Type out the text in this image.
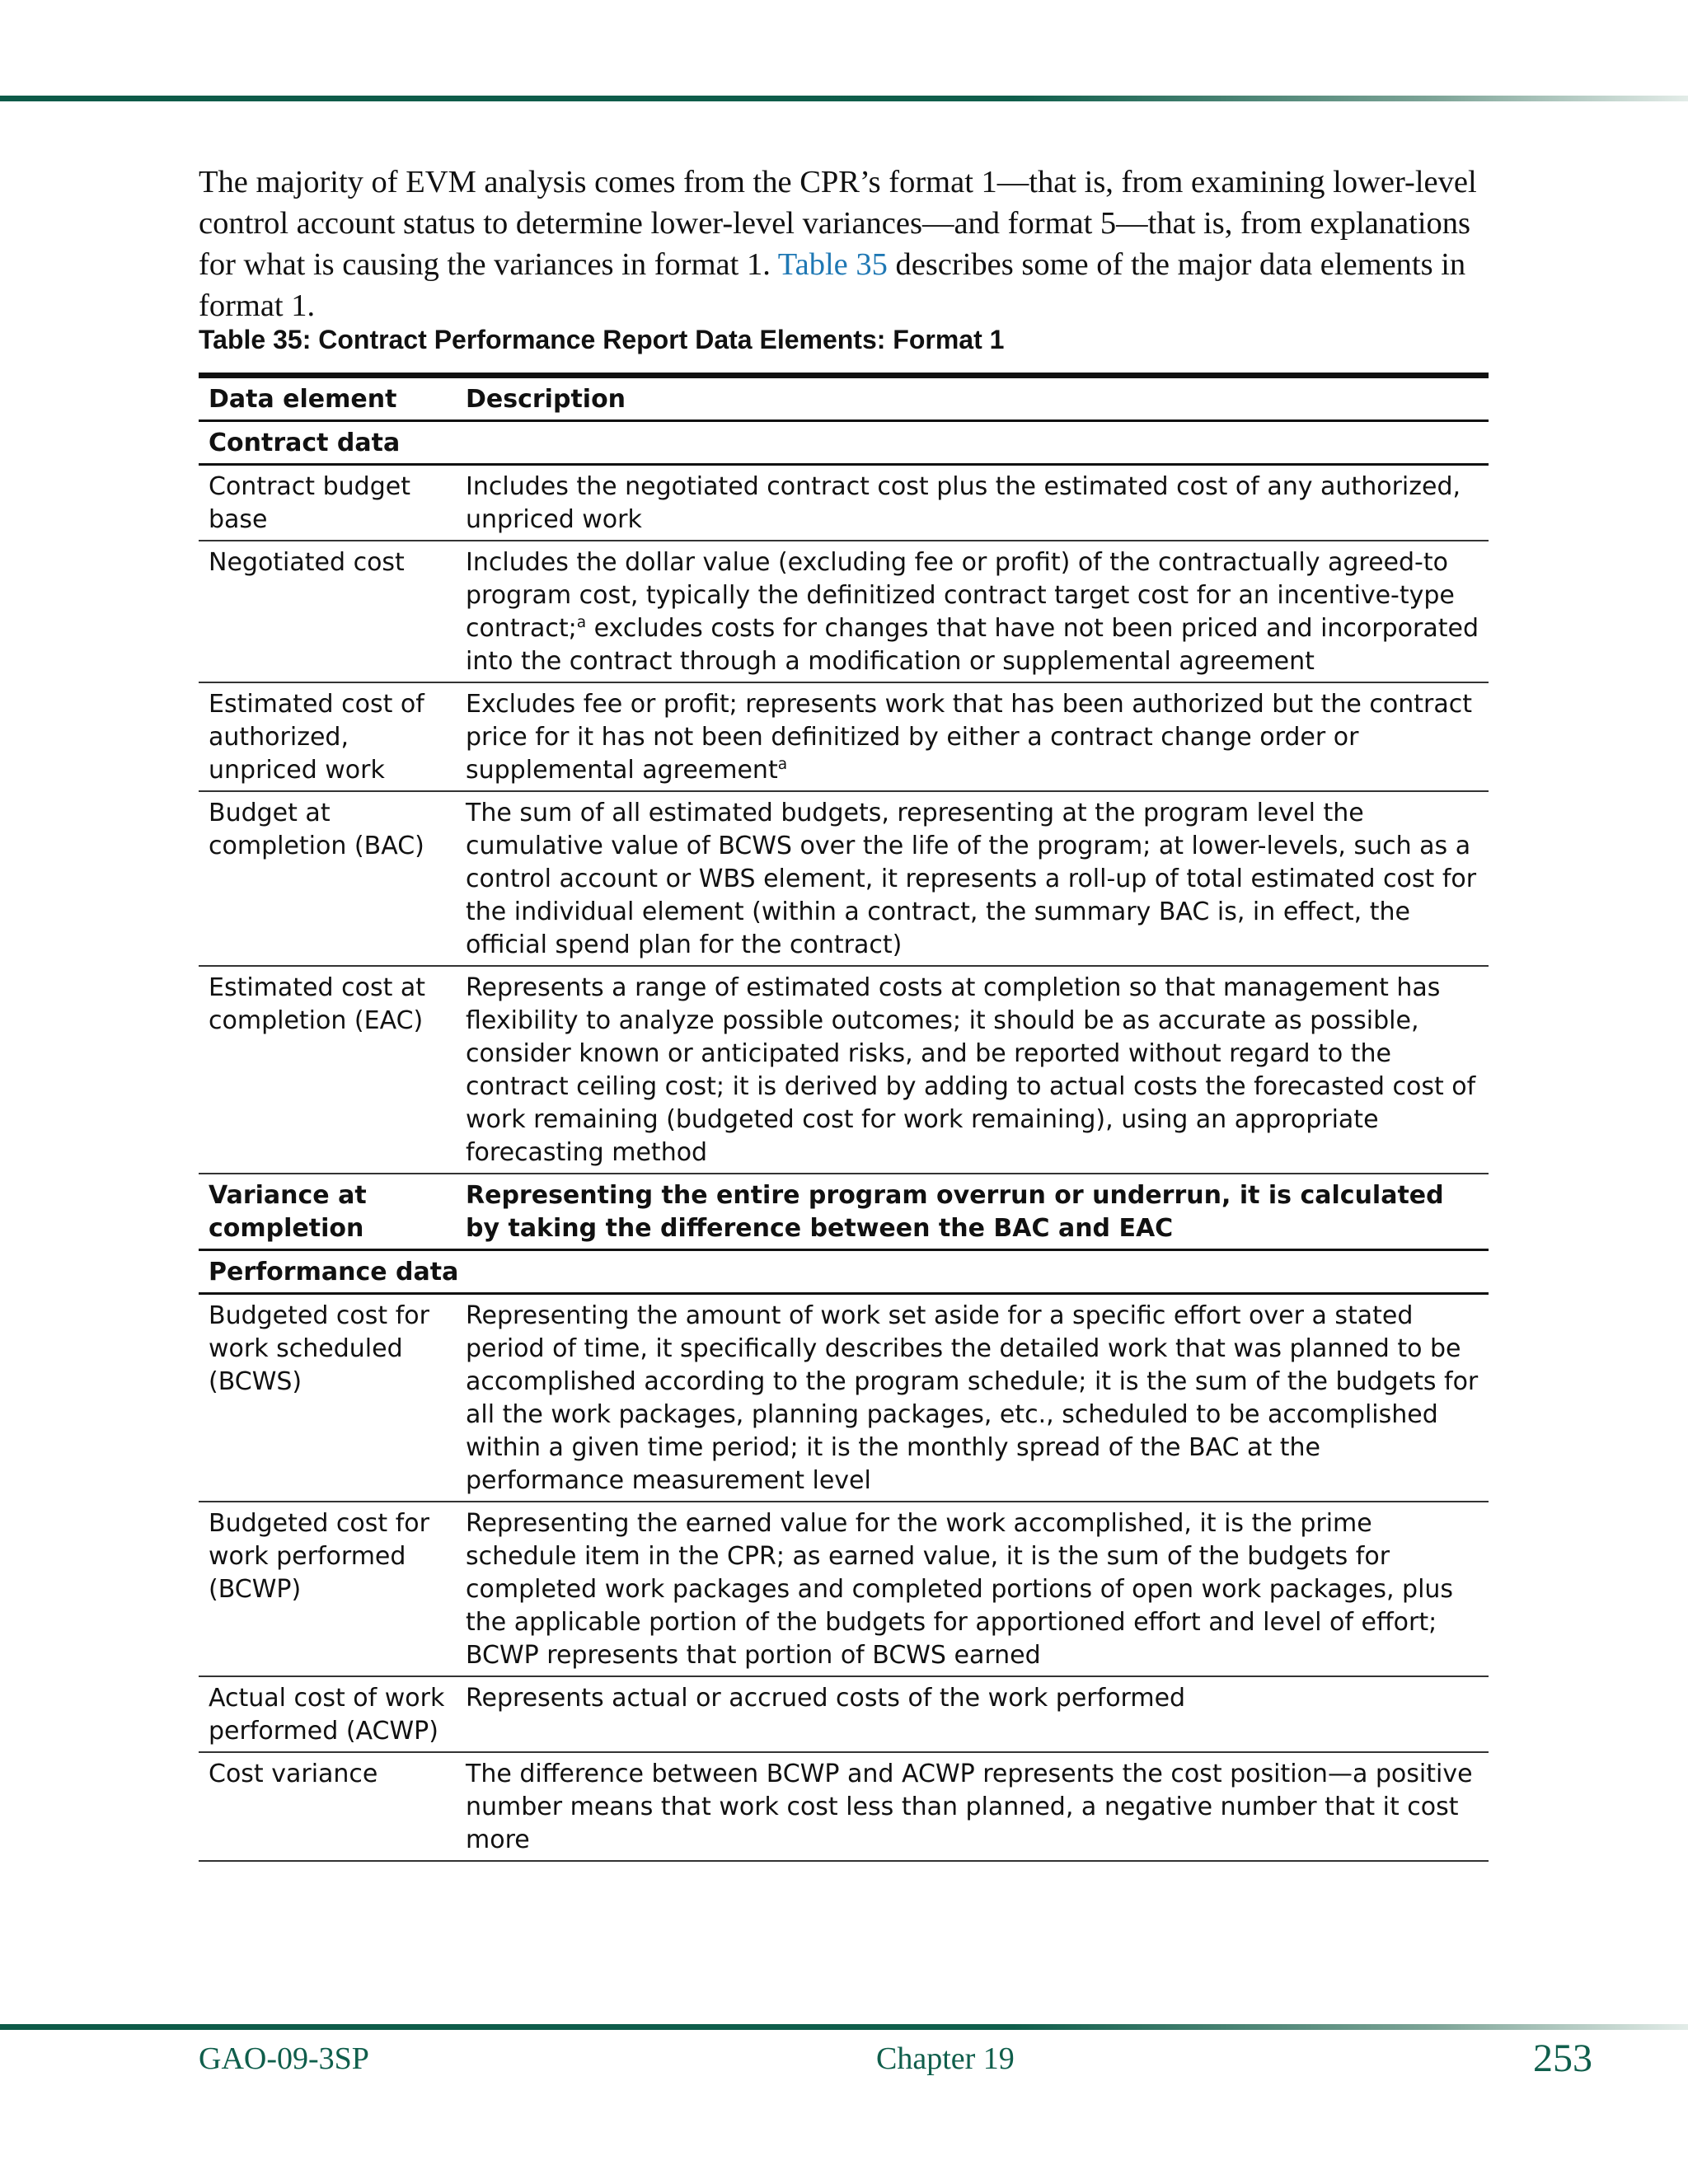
The majority of EVM analysis comes from the CPR’s format 1—that is, from examining lower-level control account status to determine lower-level variances—and format 5—that is, from explanations for what is causing the variances in format 1. Table 35 describes some of the major data elements in format 1.

Table 35: Contract Performance Report Data Elements: Format 1
Data element	Description
Contract data	
Contract budget base	Includes the negotiated contract cost plus the estimated cost of any authorized, unpriced work
Negotiated cost	Includes the dollar value (excluding fee or profit) of the contractually agreed-to program cost, typically the definitized contract target cost for an incentive-type contract;$^a$ excludes costs for changes that have not been priced and incorporated into the contract through a modification or supplemental agreement
Estimated cost of authorized, unpriced work	Excludes fee or profit; represents work that has been authorized but the contract price for it has not been definitized by either a contract change order or supplemental agreement$^a$
Budget at completion (BAC)	The sum of all estimated budgets, representing at the program level the cumulative value of BCWS over the life of the program; at lower-levels, such as a control account or WBS element, it represents a roll-up of total estimated cost for the individual element (within a contract, the summary BAC is, in effect, the official spend plan for the contract)
Estimated cost at completion (EAC)	Represents a range of estimated costs at completion so that management has flexibility to analyze possible outcomes; it should be as accurate as possible, consider known or anticipated risks, and be reported without regard to the contract ceiling cost; it is derived by adding to actual costs the forecasted cost of work remaining (budgeted cost for work remaining), using an appropriate forecasting method
Variance at completion	Representing the entire program overrun or underrun, it is calculated by taking the difference between the BAC and EAC
Performance data	
Budgeted cost for work scheduled (BCWS)	Representing the amount of work set aside for a specific effort over a stated period of time, it specifically describes the detailed work that was planned to be accomplished according to the program schedule; it is the sum of the budgets for all the work packages, planning packages, etc., scheduled to be accomplished within a given time period; it is the monthly spread of the BAC at the performance measurement level
Budgeted cost for work performed (BCWP)	Representing the earned value for the work accomplished, it is the prime schedule item in the CPR; as earned value, it is the sum of the budgets for completed work packages and completed portions of open work packages, plus the applicable portion of the budgets for apportioned effort and level of effort; BCWP represents that portion of BCWS earned
Actual cost of work performed (ACWP)	Represents actual or accrued costs of the work performed
Cost variance	The difference between BCWP and ACWP represents the cost position—a positive number means that work cost less than planned, a negative number that it cost more
GAO-09-3SP	Chapter 19	253
